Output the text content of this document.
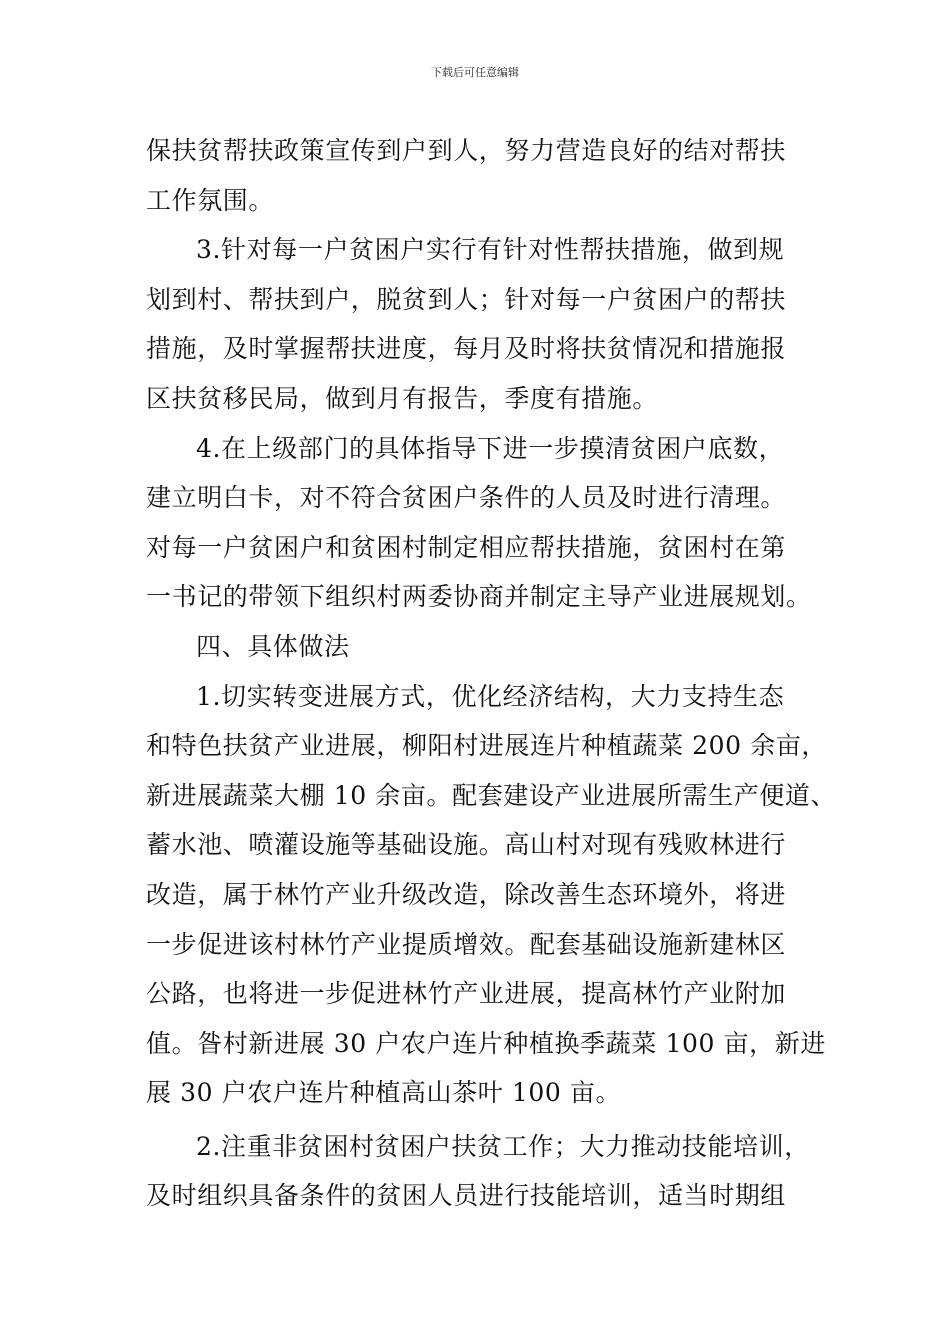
下载后可任意编辑
保扶贫帮扶政策宣传到户到人，努力营造良好的结对帮扶
工作氛围。
3.针对每一户贫困户实行有针对性帮扶措施，做到规
划到村、帮扶到户，脱贫到人；针对每一户贫困户的帮扶
措施，及时掌握帮扶进度，每月及时将扶贫情况和措施报
区扶贫移民局，做到月有报告，季度有措施。
4.在上级部门的具体指导下进一步摸清贫困户底数，
建立明白卡，对不符合贫困户条件的人员及时进行清理。
对每一户贫困户和贫困村制定相应帮扶措施，贫困村在第
一书记的带领下组织村两委协商并制定主导产业进展规划。
四、具体做法
1.切实转变进展方式，优化经济结构，大力支持生态
和特色扶贫产业进展，柳阳村进展连片种植蔬菜 200 余亩，
新进展蔬菜大棚 10 余亩。配套建设产业进展所需生产便道、
蓄水池、喷灌设施等基础设施。高山村对现有残败林进行
改造，属于林竹产业升级改造，除改善生态环境外，将进
一步促进该村林竹产业提质增效。配套基础设施新建林区
公路，也将进一步促进林竹产业进展，提高林竹产业附加
值。昝村新进展 30 户农户连片种植换季蔬菜 100 亩，新进
展 30 户农户连片种植高山茶叶 100 亩。
2.注重非贫困村贫困户扶贫工作；大力推动技能培训，
及时组织具备条件的贫困人员进行技能培训，适当时期组
